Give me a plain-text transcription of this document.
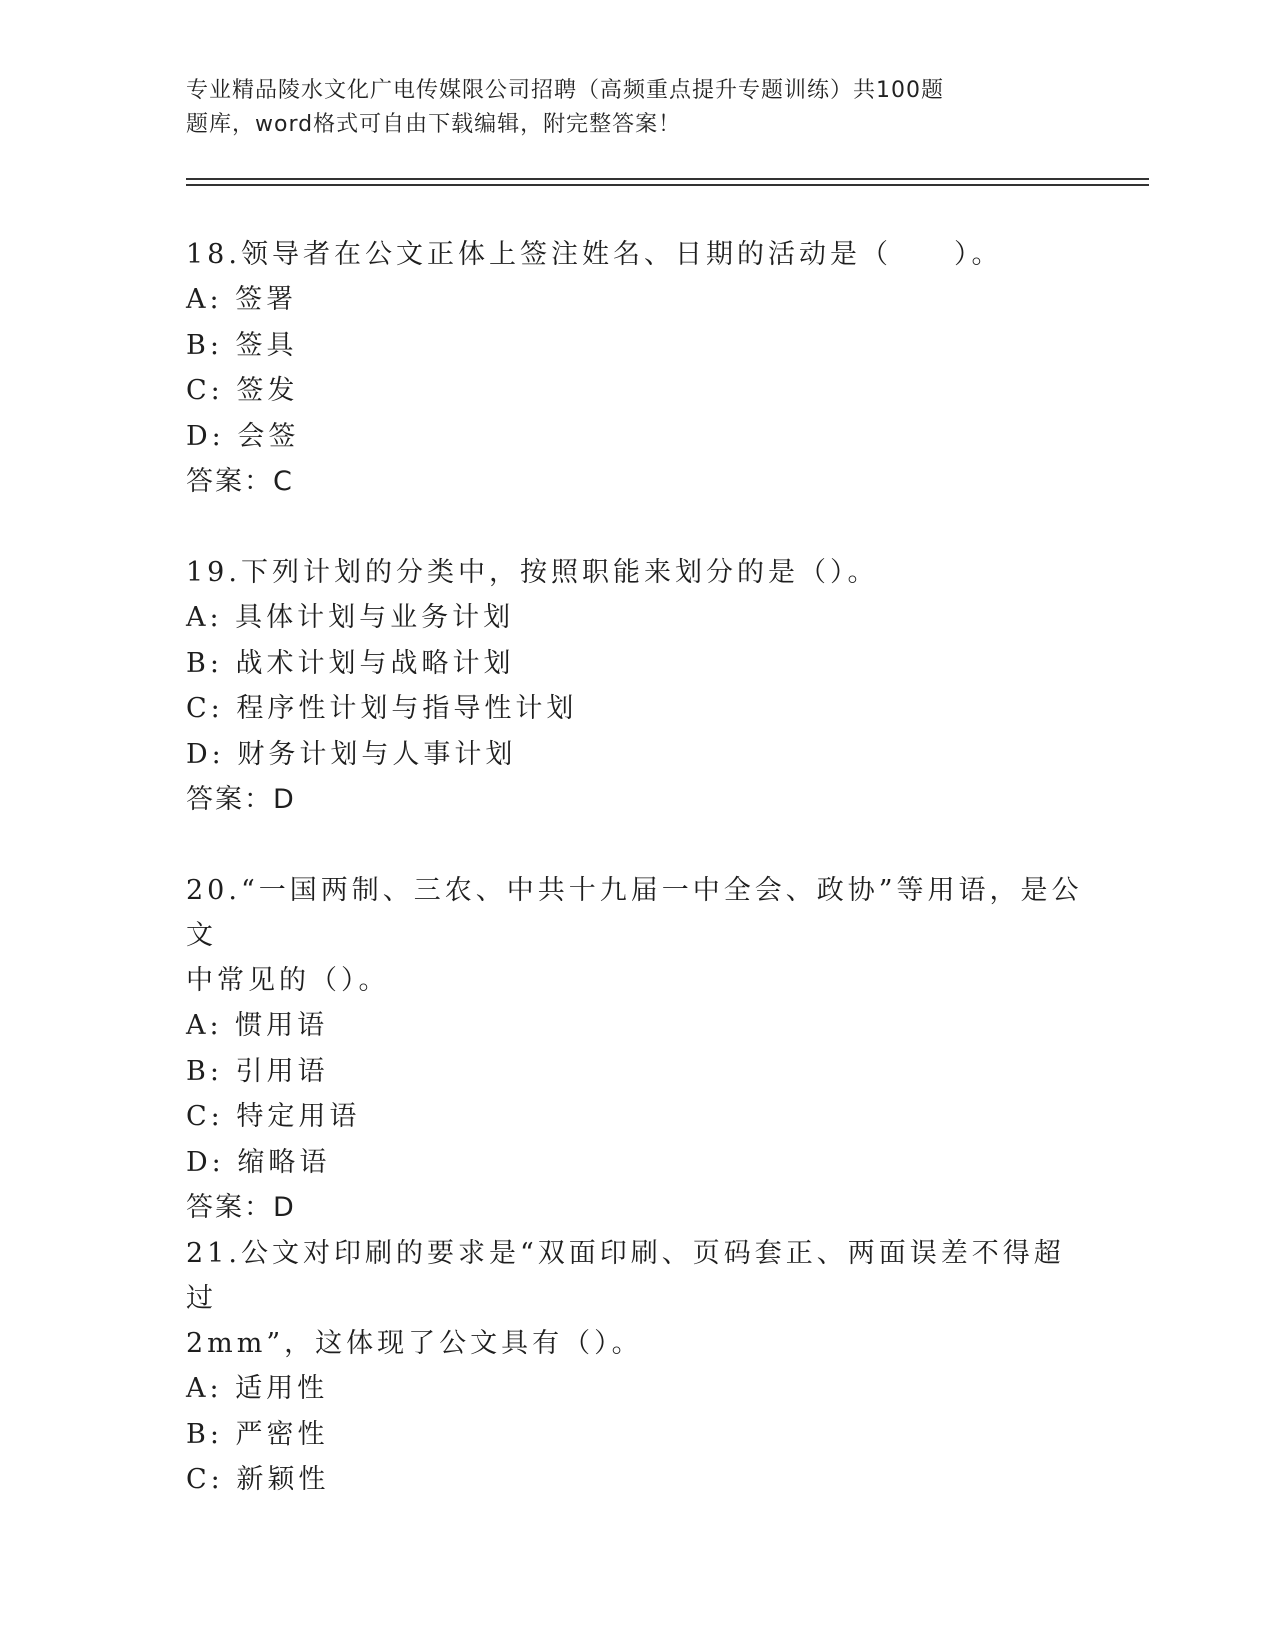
专业精品陵水文化广电传媒限公司招聘（高频重点提升专题训练）共100题
题库，word格式可自由下载编辑，附完整答案！
18.领导者在公文正体上签注姓名、日期的活动是（　　）。
A: 签署
B: 签具
C: 签发
D: 会签
答案：C
19.下列计划的分类中，按照职能来划分的是（）。
A: 具体计划与业务计划
B: 战术计划与战略计划
C: 程序性计划与指导性计划
D: 财务计划与人事计划
答案：D
20.“一国两制、三农、中共十九届一中全会、政协”等用语，是公文
中常见的（）。
A: 惯用语
B: 引用语
C: 特定用语
D: 缩略语
答案：D
21.公文对印刷的要求是“双面印刷、页码套正、两面误差不得超过
2mm”，这体现了公文具有（）。
A: 适用性
B: 严密性
C: 新颖性
